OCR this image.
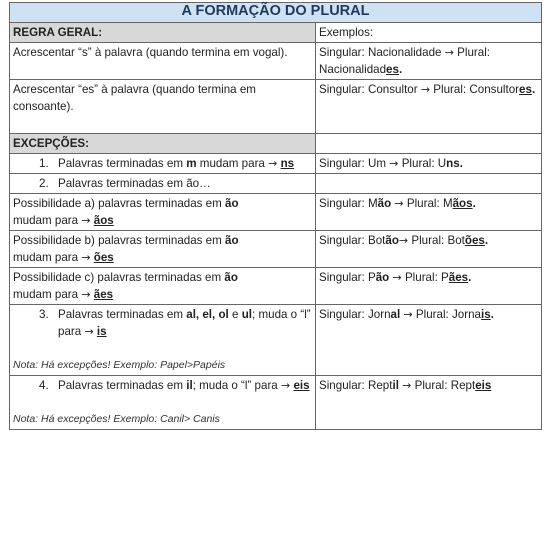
A FORMAÇÃO DO PLURAL	
REGRA GERAL:	Exemplos:
Acrescentar “s” à palavra (quando termina em vogal).	Singular: Nacionalidade → Plural: Nacionalidades.
Acrescentar “es” à palavra (quando termina em consoante).	Singular: Consultor → Plural: Consultores.
EXCEPÇÕES:	

1. Palavras terminadas em m mudam para → ns	Singular: Um → Plural: Uns.

2. Palavras terminadas em ão…	

Possibilidade a) palavras terminadas em ão
mudam para → ãos	Singular: Mão → Plural: Mãos.
Possibilidade b) palavras terminadas em ão
mudam para → ões	Singular: Botão→ Plural: Botões.
Possibilidade c) palavras terminadas em ão
mudam para → ães	Singular: Pão → Plural: Pães.

3. Palavras terminadas em al, el, ol e ul; muda o “l” para → is
Nota: Há excepções! Exemplo: Papel>Papéis	Singular: Jornal → Plural: Jornais.

4. Palavras terminadas em il; muda o “l” para → eis
Nota: Há excepções! Exemplo: Canil> Canis	Singular: Reptil → Plural: Repteis
